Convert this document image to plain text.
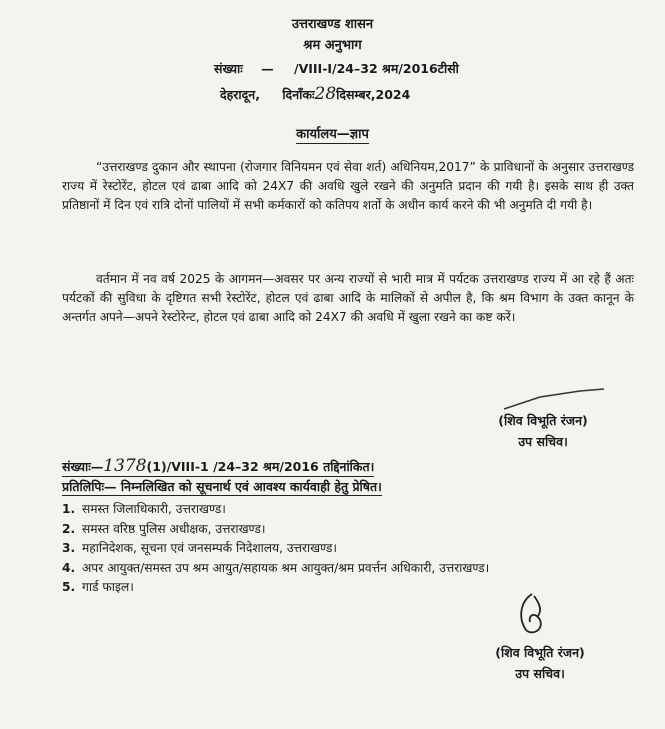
उत्तराखण्ड शासन
श्रम अनुभाग
संख्याः — /VIII-I/24–32 श्रम/2016टीसी
देहरादून, दिनाँकः28दिसम्बर,2024
कार्यालय—ज्ञाप
“उत्तराखण्ड दुकान और स्थापना (रोजगार विनियमन एवं सेवा शर्त) अधिनियम,2017” के प्राविधानों के अनुसार उत्तराखण्ड राज्य में रेस्टोरेंट, होटल एवं ढाबा आदि को 24X7 की अवधि खुले रखने की अनुमति प्रदान की गयी है। इसके साथ ही उक्त प्रतिष्ठानों में दिन एवं रात्रि दोनों पालियों में सभी कर्मकारों को कतिपय शर्तो के अधीन कार्य करने की भी अनुमति दी गयी है।
वर्तमान में नव वर्ष 2025 के आगमन—अवसर पर अन्य राज्यों से भारी मात्र में पर्यटक उत्तराखण्ड राज्य में आ रहे हैं अतः पर्यटकों की सुविधा के दृष्टिगत सभी रेस्टोरेंट, होटल एवं ढाबा आदि के मालिकों से अपील है, कि श्रम विभाग के उक्त कानून के अन्तर्गत अपने—अपने रेस्टोरेन्ट, होटल एवं ढाबा आदि को 24X7 की अवधि में खुला रखने का कष्ट करें।
(शिव विभूति रंजन)
उप सचिव।
संख्याः—1378(1)/VIII-1 /24–32 श्रम/2016 तद्दिनांकित।
प्रतिलिपिः— निम्नलिखित को सूचनार्थ एवं आवश्य कार्यवाही हेतु प्रेषित।
1. समस्त जिलाधिकारी, उत्तराखण्ड।
2. समस्त वरिष्ठ पुलिस अधीक्षक, उत्तराखण्ड।
3. महानिदेशक, सूचना एवं जनसम्पर्क निदेशालय, उत्तराखण्ड।
4. अपर आयुक्त/समस्त उप श्रम आयुत/सहायक श्रम आयुक्त/श्रम प्रवर्त्तन अधिकारी, उत्तराखण्ड।
5. गार्ड फाइल।
(शिव विभूति रंजन)
उप सचिव।
